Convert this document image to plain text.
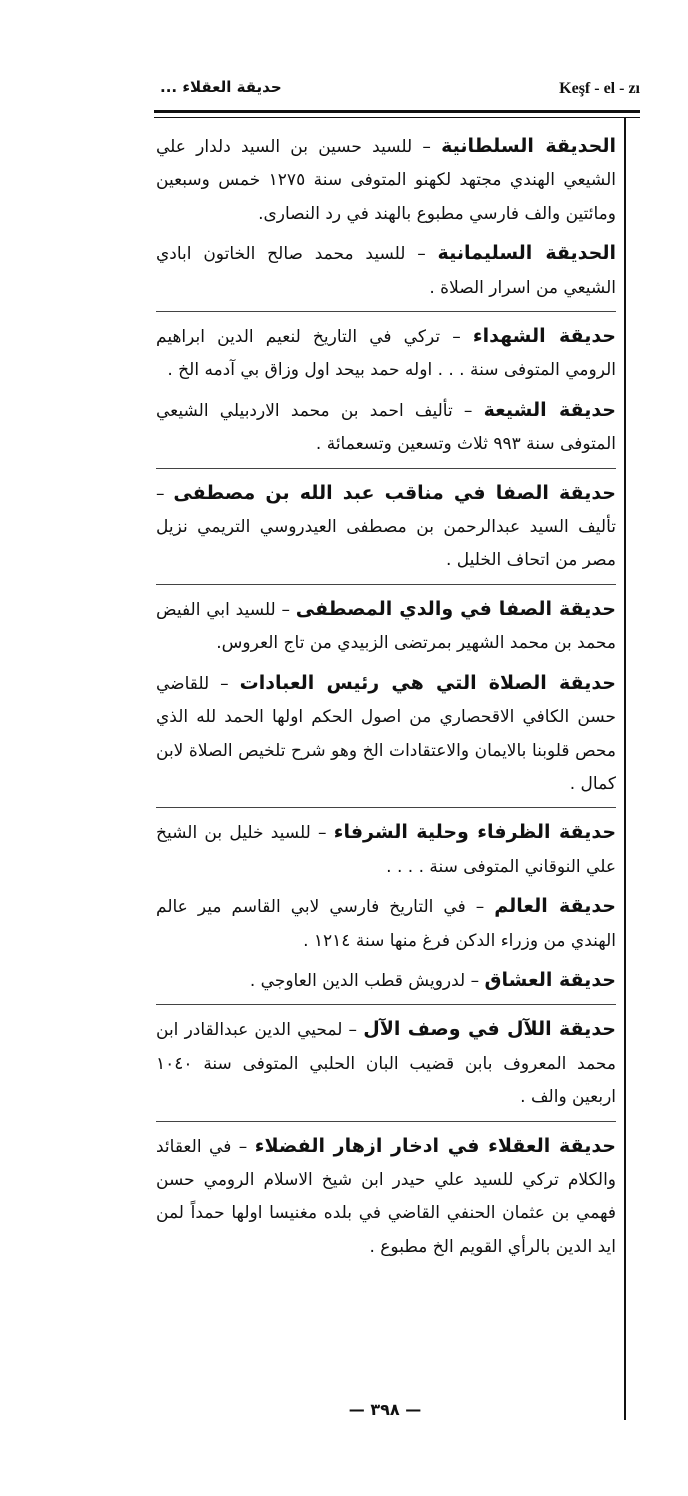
حديقة العقلاء ...	Keşf - el - zı

الحديقة السلطانية – للسيد حسين بن السيد دلدار علي الشيعي الهندي مجتهد لكهنو المتوفى سنة ١٢٧٥ خمس وسبعين ومائتين والف فارسي مطبوع بالهند في رد النصارى.

الحديقة السليمانية – للسيد محمد صالح الخاتون ابادي الشيعي من اسرار الصلاة .

حديقة الشهداء – تركي في التاريخ لنعيم الدين ابراهيم الرومي المتوفى سنة . . . اوله حمد بيحد اول وزاق بي آدمه الخ .

حديقة الشيعة – تأليف احمد بن محمد الاردبيلي الشيعي المتوفى سنة ٩٩٣ ثلاث وتسعين وتسعمائة .

حديقة الصفا في مناقب عبد الله بن مصطفى – تأليف السيد عبدالرحمن بن مصطفى العيدروسي التريمي نزيل مصر من اتحاف الخليل .

حديقة الصفا في والدي المصطفى – للسيد ابي الفيض محمد بن محمد الشهير بمرتضى الزبيدي من تاج العروس.

حديقة الصلاة التي هي رئيس العبادات – للقاضي حسن الكافي الاقحصاري من اصول الحكم اولها الحمد لله الذي محص قلوبنا بالايمان والاعتقادات الخ وهو شرح تلخيص الصلاة لابن كمال .

حديقة الظرفاء وحلية الشرفاء – للسيد خليل بن الشيخ علي النوقاني المتوفى سنة . . . .

حديقة العالم – في التاريخ فارسي لابي القاسم مير عالم الهندي من وزراء الدكن فرغ منها سنة ١٢١٤ .

حديقة العشاق – لدرويش قطب الدين العاوجي .

حديقة اللآل في وصف الآل – لمحيي الدين عبدالقادر ابن محمد المعروف بابن قضيب البان الحلبي المتوفى سنة ١٠٤٠ اربعين والف .

حديقة العقلاء في ادخار ازهار الفضلاء – في العقائد والكلام تركي للسيد علي حيدر ابن شيخ الاسلام الرومي حسن فهمي بن عثمان الحنفي القاضي في بلده مغنيسا اولها حمداً لمن ايد الدين بالرأي القويم الخ مطبوع .

— ٣٩٨ —
